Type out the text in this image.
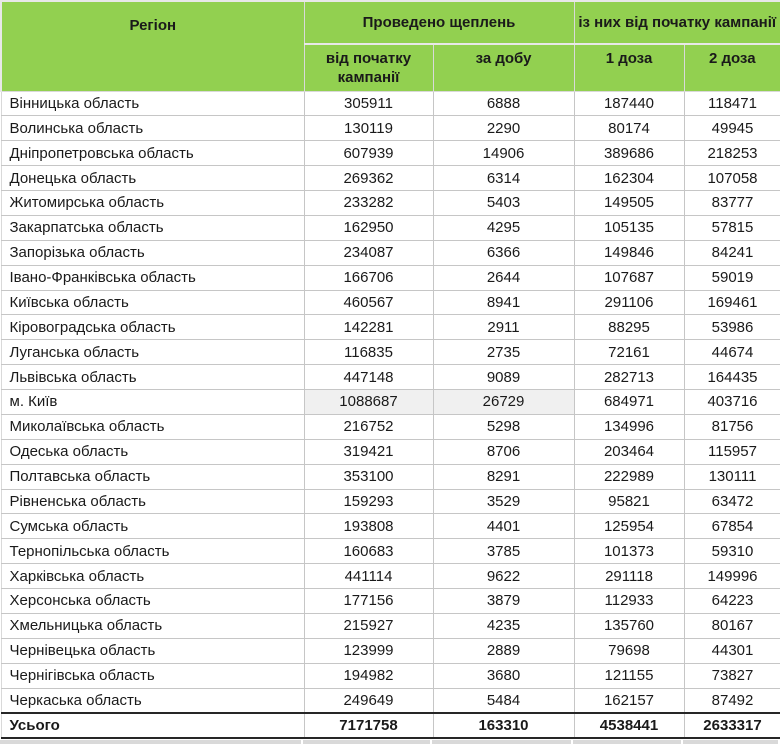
Регіон	Проведено щеплень		із них від початку кампанії	
	від початку кампанії	за добу	1 доза	2 доза
Вінницька область	305911	6888	187440	118471
Волинська область	130119	2290	80174	49945
Дніпропетровська область	607939	14906	389686	218253
Донецька область	269362	6314	162304	107058
Житомирська область	233282	5403	149505	83777
Закарпатська область	162950	4295	105135	57815
Запорізька область	234087	6366	149846	84241
Івано-Франківська область	166706	2644	107687	59019
Київська область	460567	8941	291106	169461
Кіровоградська область	142281	2911	88295	53986
Луганська область	116835	2735	72161	44674
Львівська область	447148	9089	282713	164435
м. Київ	1088687	26729	684971	403716
Миколаївська область	216752	5298	134996	81756
Одеська область	319421	8706	203464	115957
Полтавська область	353100	8291	222989	130111
Рівненська область	159293	3529	95821	63472
Сумська область	193808	4401	125954	67854
Тернопільська область	160683	3785	101373	59310
Харківська область	441114	9622	291118	149996
Херсонська область	177156	3879	112933	64223
Хмельницька область	215927	4235	135760	80167
Чернівецька область	123999	2889	79698	44301
Чернігівська область	194982	3680	121155	73827
Черкаська область	249649	5484	162157	87492
Усього	7171758	163310	4538441	2633317
